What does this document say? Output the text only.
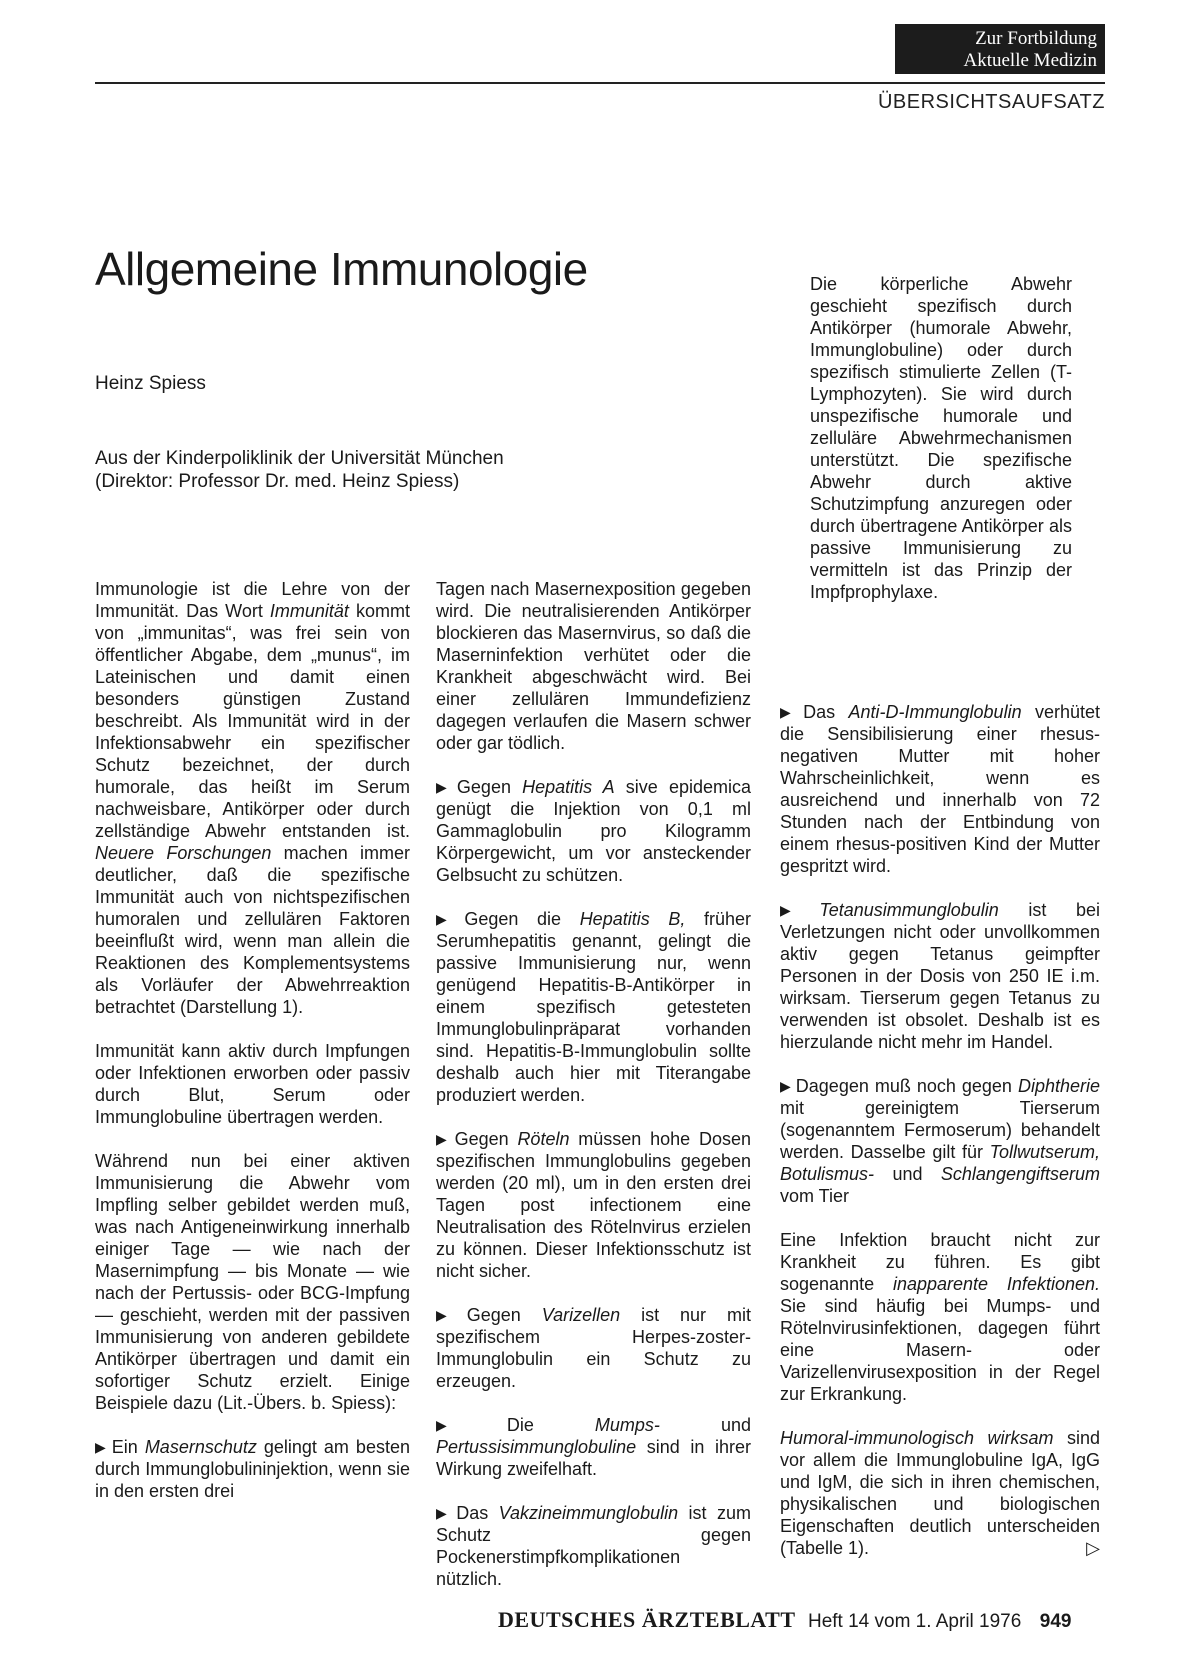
Zur Fortbildung
Aktuelle Medizin
ÜBERSICHTSAUFSATZ
Allgemeine Immunologie
Heinz Spiess
Aus der Kinderpoliklinik der Universität München
(Direktor: Professor Dr. med. Heinz Spiess)

Immunologie ist die Lehre von der Immunität. Das Wort Immunität kommt von „immunitas“, was frei sein von öffentlicher Abgabe, dem „munus“, im Lateinischen und damit einen besonders günstigen Zustand beschreibt. Als Immunität wird in der Infektionsabwehr ein spezifischer Schutz bezeichnet, der durch humorale, das heißt im Serum nachweisbare, Antikörper oder durch zellständige Abwehr entstanden ist. Neuere Forschungen machen immer deutlicher, daß die spezifische Immunität auch von nichtspezifischen humoralen und zellulären Faktoren beeinflußt wird, wenn man allein die Reaktionen des Komplementsystems als Vorläufer der Abwehrreaktion betrachtet (Darstellung 1).

Immunität kann aktiv durch Impfungen oder Infektionen erworben oder passiv durch Blut, Serum oder Immunglobuline übertragen werden.

Während nun bei einer aktiven Immunisierung die Abwehr vom Impfling selber gebildet werden muß, was nach Antigeneinwirkung innerhalb einiger Tage — wie nach der Masernimpfung — bis Monate — wie nach der Pertussis- oder BCG-Impfung — geschieht, werden mit der passiven Immunisierung von anderen gebildete Antikörper übertragen und damit ein sofortiger Schutz erzielt. Einige Beispiele dazu (Lit.-Übers. b. Spiess):

▶ Ein Masernschutz gelingt am besten durch Immunglobulininjektion, wenn sie in den ersten drei

Tagen nach Masernexposition gegeben wird. Die neutralisierenden Antikörper blockieren das Masernvirus, so daß die Maserninfektion verhütet oder die Krankheit abgeschwächt wird. Bei einer zellulären Immundefizienz dagegen verlaufen die Masern schwer oder gar tödlich.

▶ Gegen Hepatitis A sive epidemica genügt die Injektion von 0,1 ml Gammaglobulin pro Kilogramm Körpergewicht, um vor ansteckender Gelbsucht zu schützen.

▶ Gegen die Hepatitis B, früher Serumhepatitis genannt, gelingt die passive Immunisierung nur, wenn genügend Hepatitis-B-Antikörper in einem spezifisch getesteten Immunglobulinpräparat vorhanden sind. Hepatitis-B-Immunglobulin sollte deshalb auch hier mit Titerangabe produziert werden.

▶ Gegen Röteln müssen hohe Dosen spezifischen Immunglobulins gegeben werden (20 ml), um in den ersten drei Tagen post infectionem eine Neutralisation des Rötelnvirus erzielen zu können. Dieser Infektionsschutz ist nicht sicher.

▶ Gegen Varizellen ist nur mit spezifischem Herpes-zoster-Immunglobulin ein Schutz zu erzeugen.

▶ Die Mumps- und Pertussisimmunglobuline sind in ihrer Wirkung zweifelhaft.

▶ Das Vakzineimmunglobulin ist zum Schutz gegen Pockenerstimpfkomplikationen nützlich.

Die körperliche Abwehr geschieht spezifisch durch Antikörper (humorale Abwehr, Immunglobuline) oder durch spezifisch stimulierte Zellen (T-Lymphozyten). Sie wird durch unspezifische humorale und zelluläre Abwehrmechanismen unterstützt. Die spezifische Abwehr durch aktive Schutzimpfung anzuregen oder durch übertragene Antikörper als passive Immunisierung zu vermitteln ist das Prinzip der Impfprophylaxe.

▶ Das Anti-D-Immunglobulin verhütet die Sensibilisierung einer rhesus-negativen Mutter mit hoher Wahrscheinlichkeit, wenn es ausreichend und innerhalb von 72 Stunden nach der Entbindung von einem rhesus-positiven Kind der Mutter gespritzt wird.

▶ Tetanusimmunglobulin ist bei Verletzungen nicht oder unvollkommen aktiv gegen Tetanus geimpfter Personen in der Dosis von 250 IE i.m. wirksam. Tierserum gegen Tetanus zu verwenden ist obsolet. Deshalb ist es hierzulande nicht mehr im Handel.

▶ Dagegen muß noch gegen Diphtherie mit gereinigtem Tierserum (sogenanntem Fermoserum) behandelt werden. Dasselbe gilt für Tollwutserum, Botulismus- und Schlangengiftserum vom Tier

Eine Infektion braucht nicht zur Krankheit zu führen. Es gibt sogenannte inapparente Infektionen. Sie sind häufig bei Mumps- und Rötelnvirusinfektionen, dagegen führt eine Masern- oder Varizellenvirusexposition in der Regel zur Erkrankung.

Humoral-immunologisch wirksam sind vor allem die Immunglobuline IgA, IgG und IgM, die sich in ihren chemischen, physikalischen und biologischen Eigenschaften deutlich unterscheiden (Tabelle 1).	▷

DEUTSCHES ÄRZTEBLATT Heft 14 vom 1. April 1976 949
